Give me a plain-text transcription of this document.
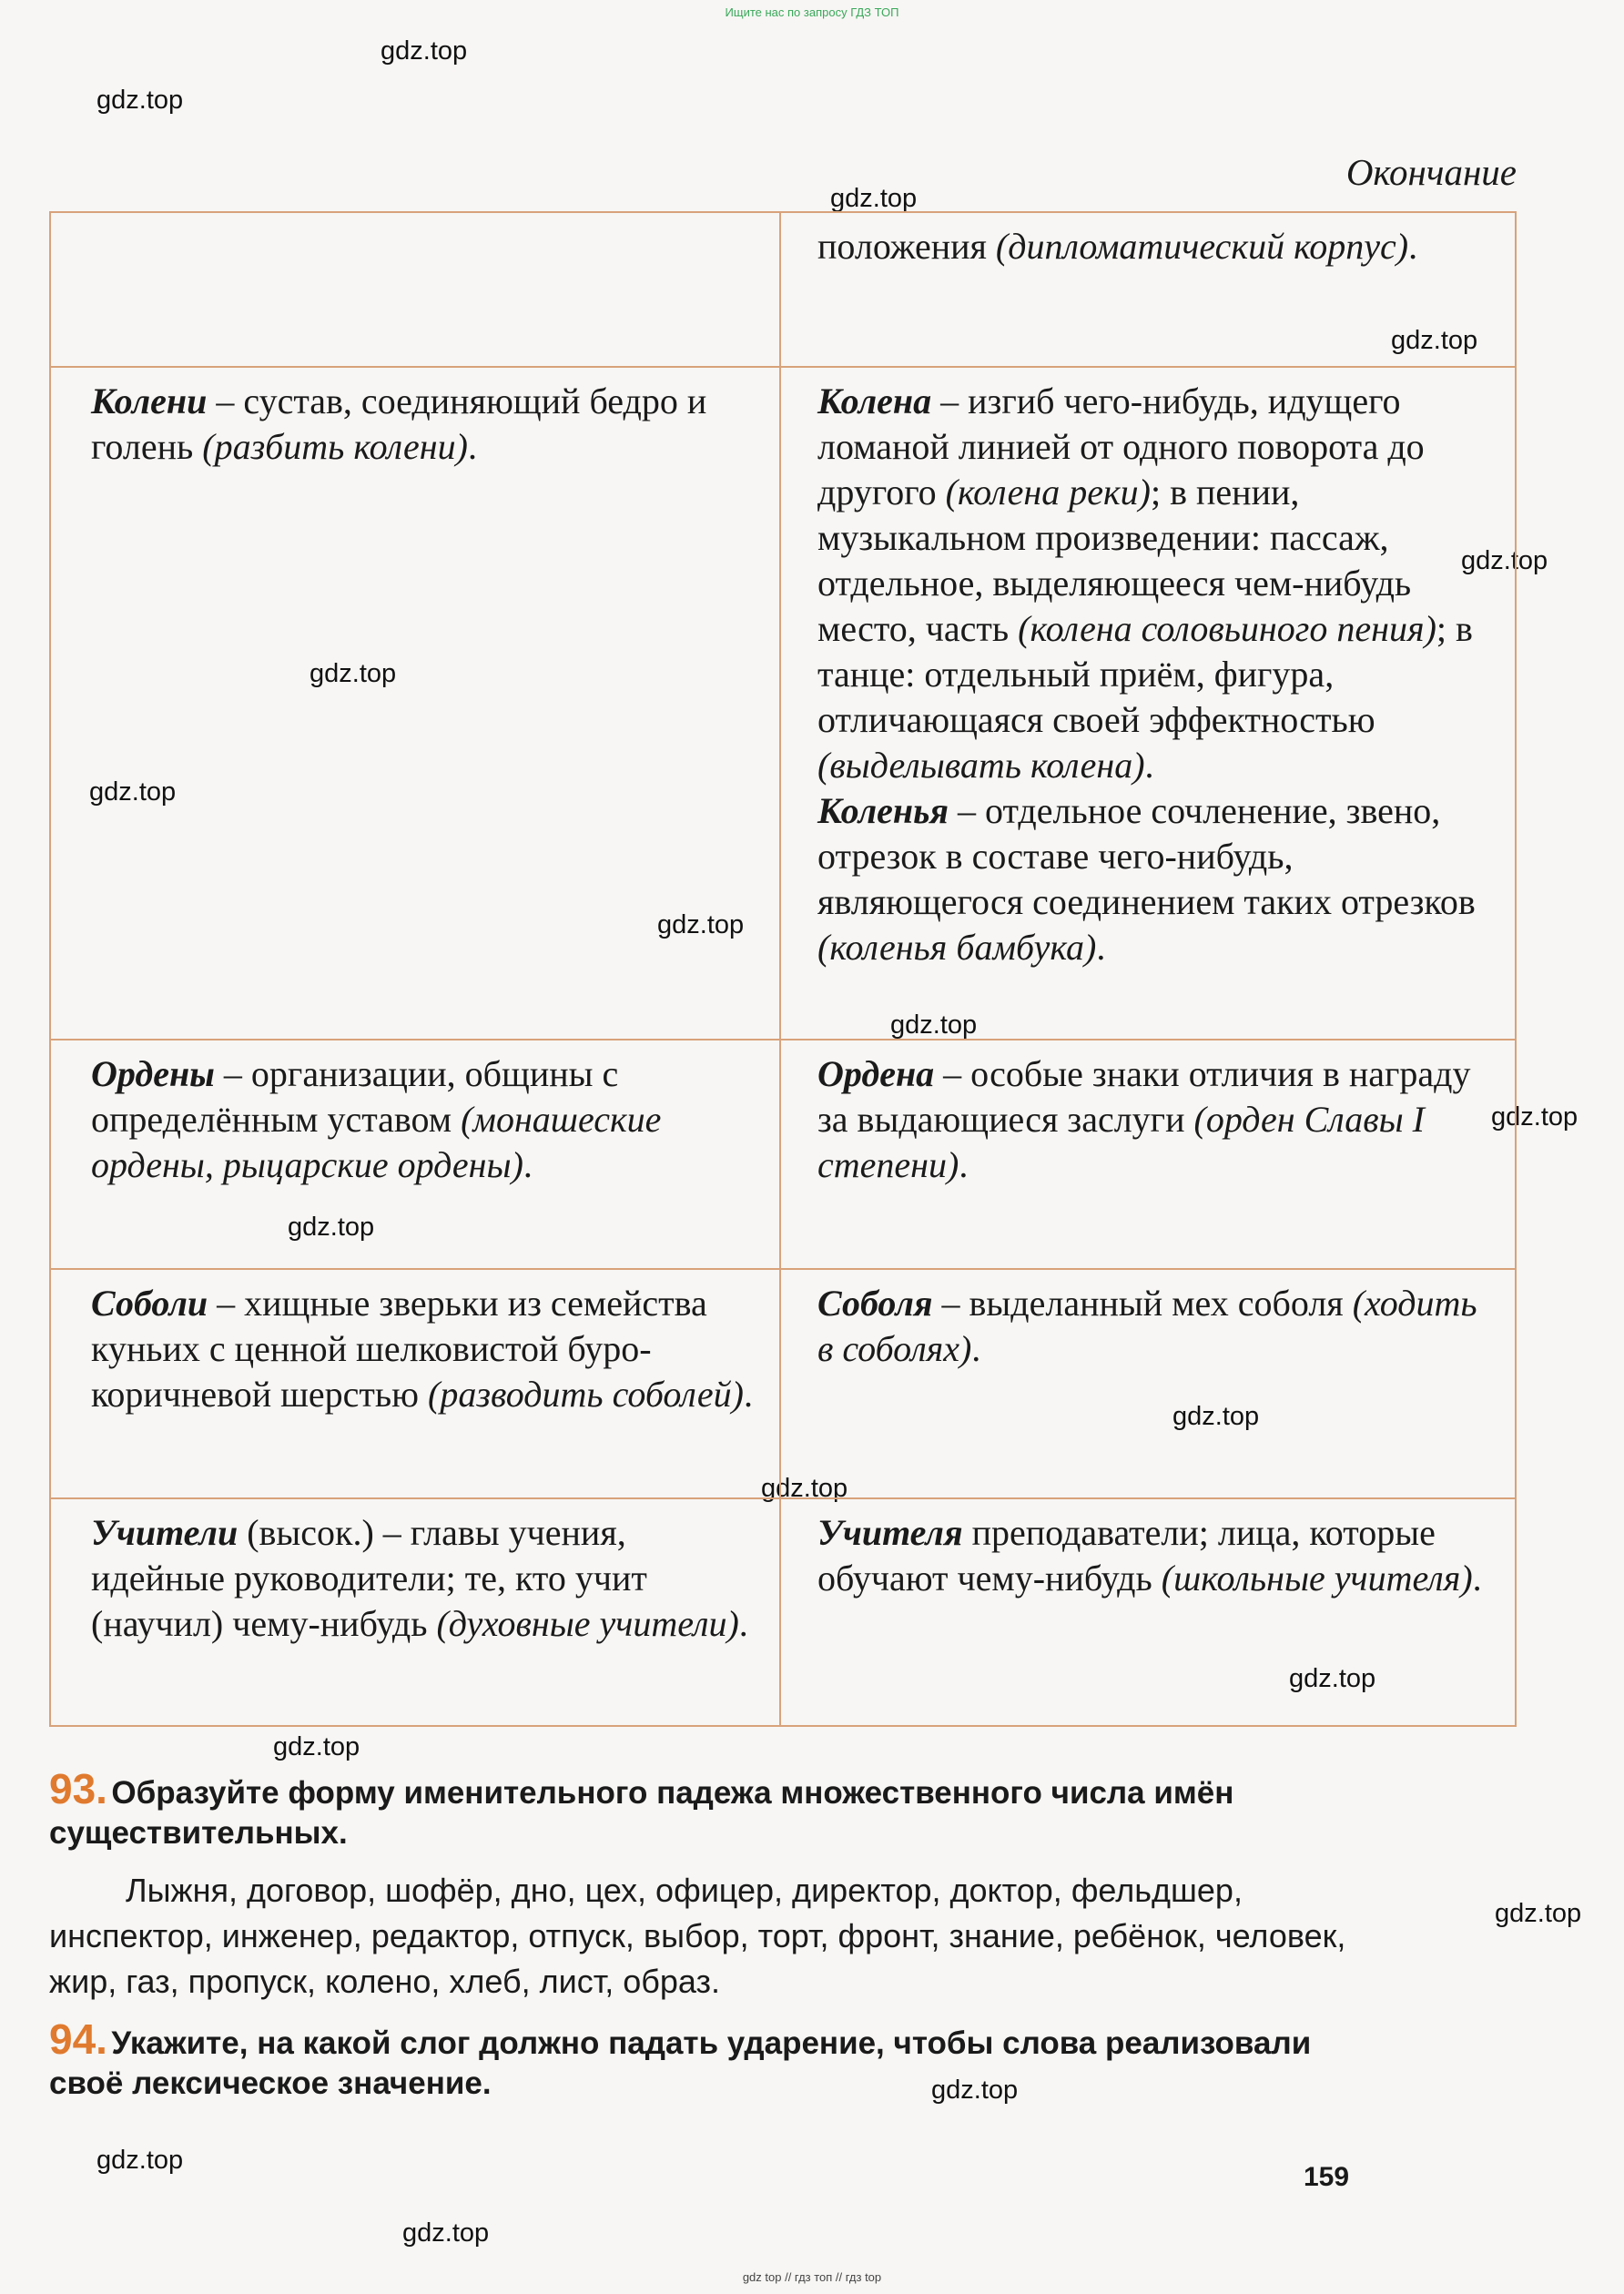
Ищите нас по запросу ГДЗ ТОП
gdz.top
gdz.top
gdz.top
gdz.top
gdz.top
gdz.top
gdz.top
gdz.top
gdz.top
gdz.top
gdz.top
gdz.top
gdz.top
gdz.top
gdz.top
gdz.top
gdz.top
gdz.top
gdz.top
Окончание
	положения (дипломатический корпус).
Колени – сустав, соединяющий бедро и голень (разбить колени).	Колена – изгиб чего-нибудь, идущего ломаной линией от одного поворота до другого (колена реки); в пении, музыкальном произведении: пассаж, отдельное, выделяющееся чем-нибудь место, часть (колена соловьиного пения); в танце: отдельный приём, фигура, отличающаяся своей эффектностью (выделывать колена).
Коленья – отдельное сочленение, звено, отрезок в составе чего-нибудь, являющегося соединением таких отрезков (коленья бамбука).
Ордены – организации, общины с определённым уставом (монашеские ордены, рыцарские ордены).	Ордена – особые знаки отличия в награду за выдающиеся заслуги (орден Славы I степени).
Соболи – хищные зверьки из семейства куньих с ценной шелковистой буро-коричневой шерстью (разводить соболей).	Соболя – выделанный мех соболя (ходить в соболях).
Учители (высок.) – главы учения, идейные руководители; те, кто учит (научил) чему-нибудь (духовные учители).	Учителя преподаватели; лица, которые обучают чему-нибудь (школьные учителя).
93. Образуйте форму именительного падежа множественного числа имён существительных.
Лыжня, договор, шофёр, дно, цех, офицер, директор, доктор, фельдшер, инспектор, инженер, редактор, отпуск, выбор, торт, фронт, знание, ребёнок, человек, жир, газ, пропуск, колено, хлеб, лист, образ.
94. Укажите, на какой слог должно падать ударение, чтобы слова реализовали своё лексическое значение.
159
gdz top // гдз топ // гдз top
